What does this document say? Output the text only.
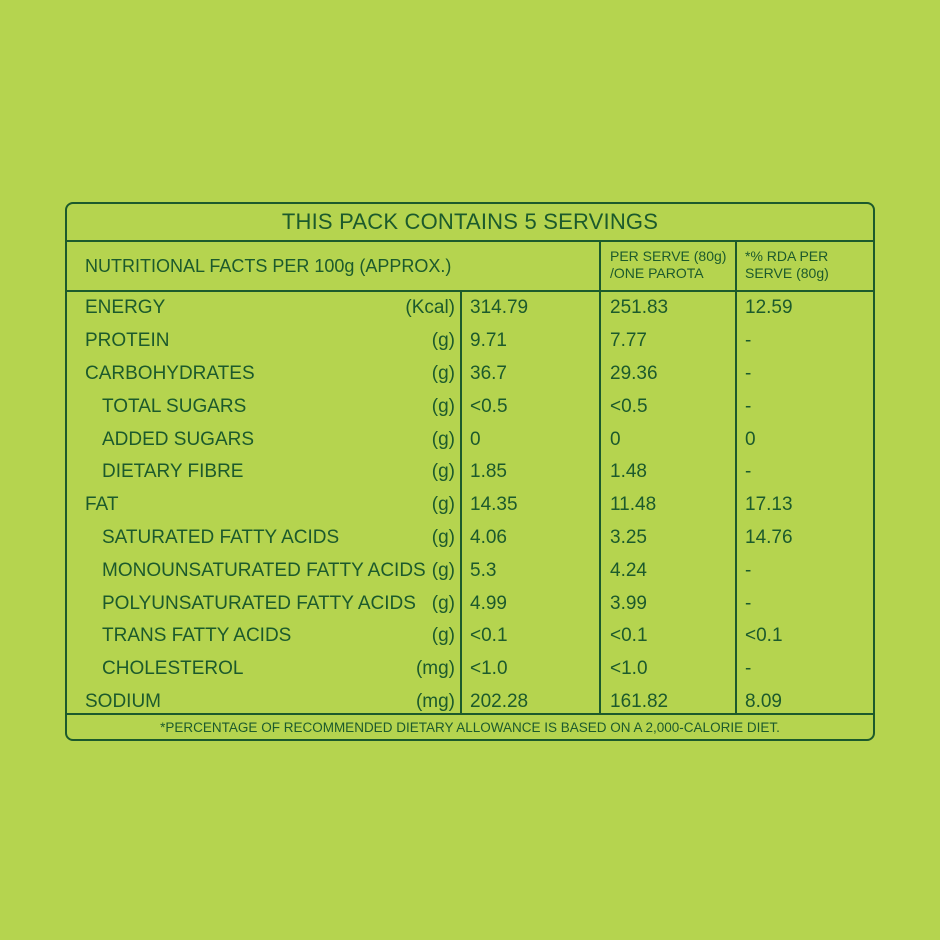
THIS PACK CONTAINS 5 SERVINGS
NUTRITIONAL FACTS PER 100g (APPROX.)	PER SERVE (80g)
/ONE PAROTA
*% RDA PER
SERVE (80g)
ENERGY	(Kcal) 314.79	251.83	12.59
PROTEIN	(g) 9.71	7.77	-
CARBOHYDRATES	(g) 36.7	29.36	-
TOTAL SUGARS	(g) <0.5	<0.5	-
ADDED SUGARS	(g) 0	0	0
DIETARY FIBRE	(g) 1.85	1.48	-
FAT	(g) 14.35	11.48	17.13
SATURATED FATTY ACIDS	(g) 4.06	3.25	14.76
MONOUNSATURATED FATTY ACIDS (g) 5.3	4.24	-
POLYUNSATURATED FATTY ACIDS (g) 4.99	3.99	-
TRANS FATTY ACIDS	(g) <0.1	<0.1	<0.1
CHOLESTEROL	(mg) <1.0	<1.0	-
SODIUM	(mg) 202.28	161.82	8.09
*PERCENTAGE OF RECOMMENDED DIETARY ALLOWANCE IS BASED ON A 2,000-CALORIE DIET.
